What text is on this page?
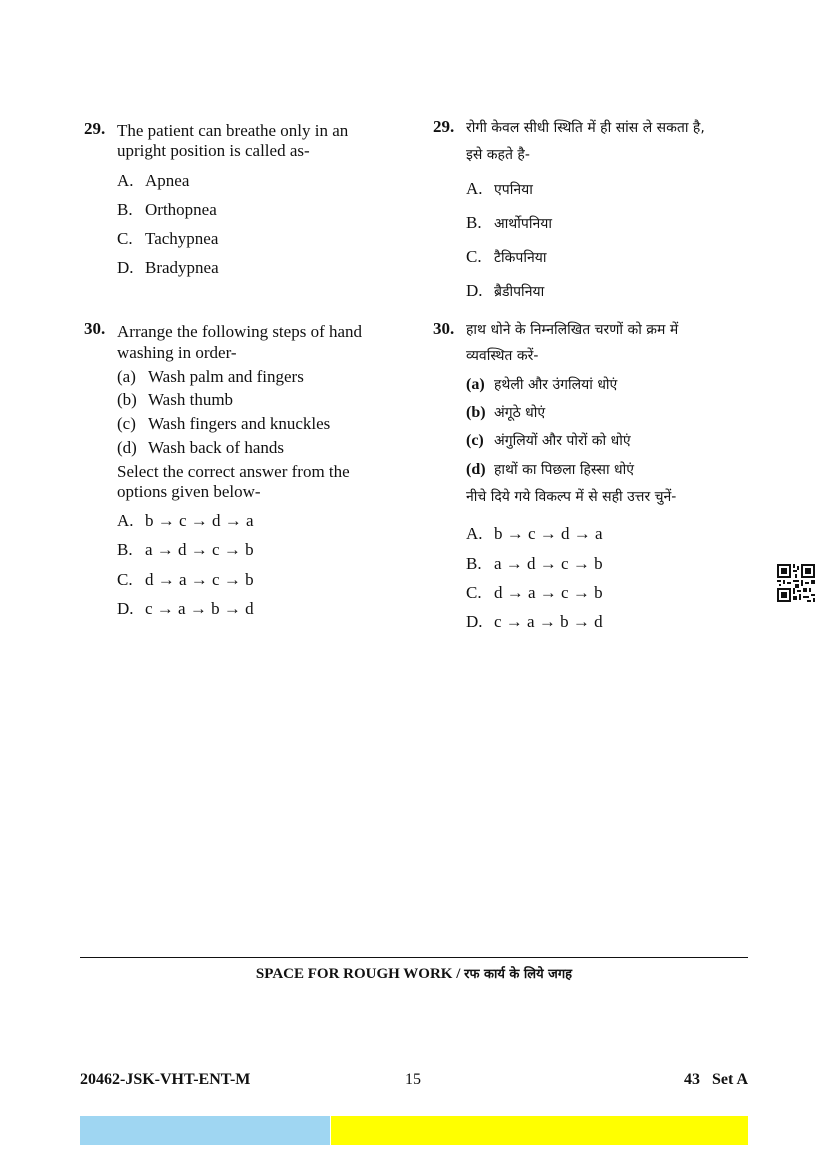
29. The patient can breathe only in an
upright position is called as-
A. Apnea
B. Orthopnea
C. Tachypnea
D. Bradypnea
30. Arrange the following steps of hand
washing in order-
(a) Wash palm and fingers
(b) Wash thumb
(c) Wash fingers and knuckles
(d) Wash back of hands
Select the correct answer from the
options given below-
A. b → c → d → a
B. a → d → c → b
C. d → a → c → b
D. c → a → b → d
29. रोगी केवल सीधी स्थिति में ही सांस ले सकता है,
इसे कहते है-
A. एपनिया
B. आर्थोपनिया
C. टैकिपनिया
D. ब्रैडीपनिया
30. हाथ धोने के निम्नलिखित चरणों को क्रम में
व्यवस्थित करें-
(a) हथेली और उंगलियां धोएं
(b) अंगूठे धोएं
(c) अंगुलियों और पोरों को धोएं
(d) हाथों का पिछला हिस्सा धोएं
नीचे दिये गये विकल्प में से सही उत्तर चुनें-
A. b → c → d → a
B. a → d → c → b
C. d → a → c → b
D. c → a → b → d
SPACE FOR ROUGH WORK / रफ कार्य के लिये जगह
20462-JSK-VHT-ENT-M	15	43   Set A
